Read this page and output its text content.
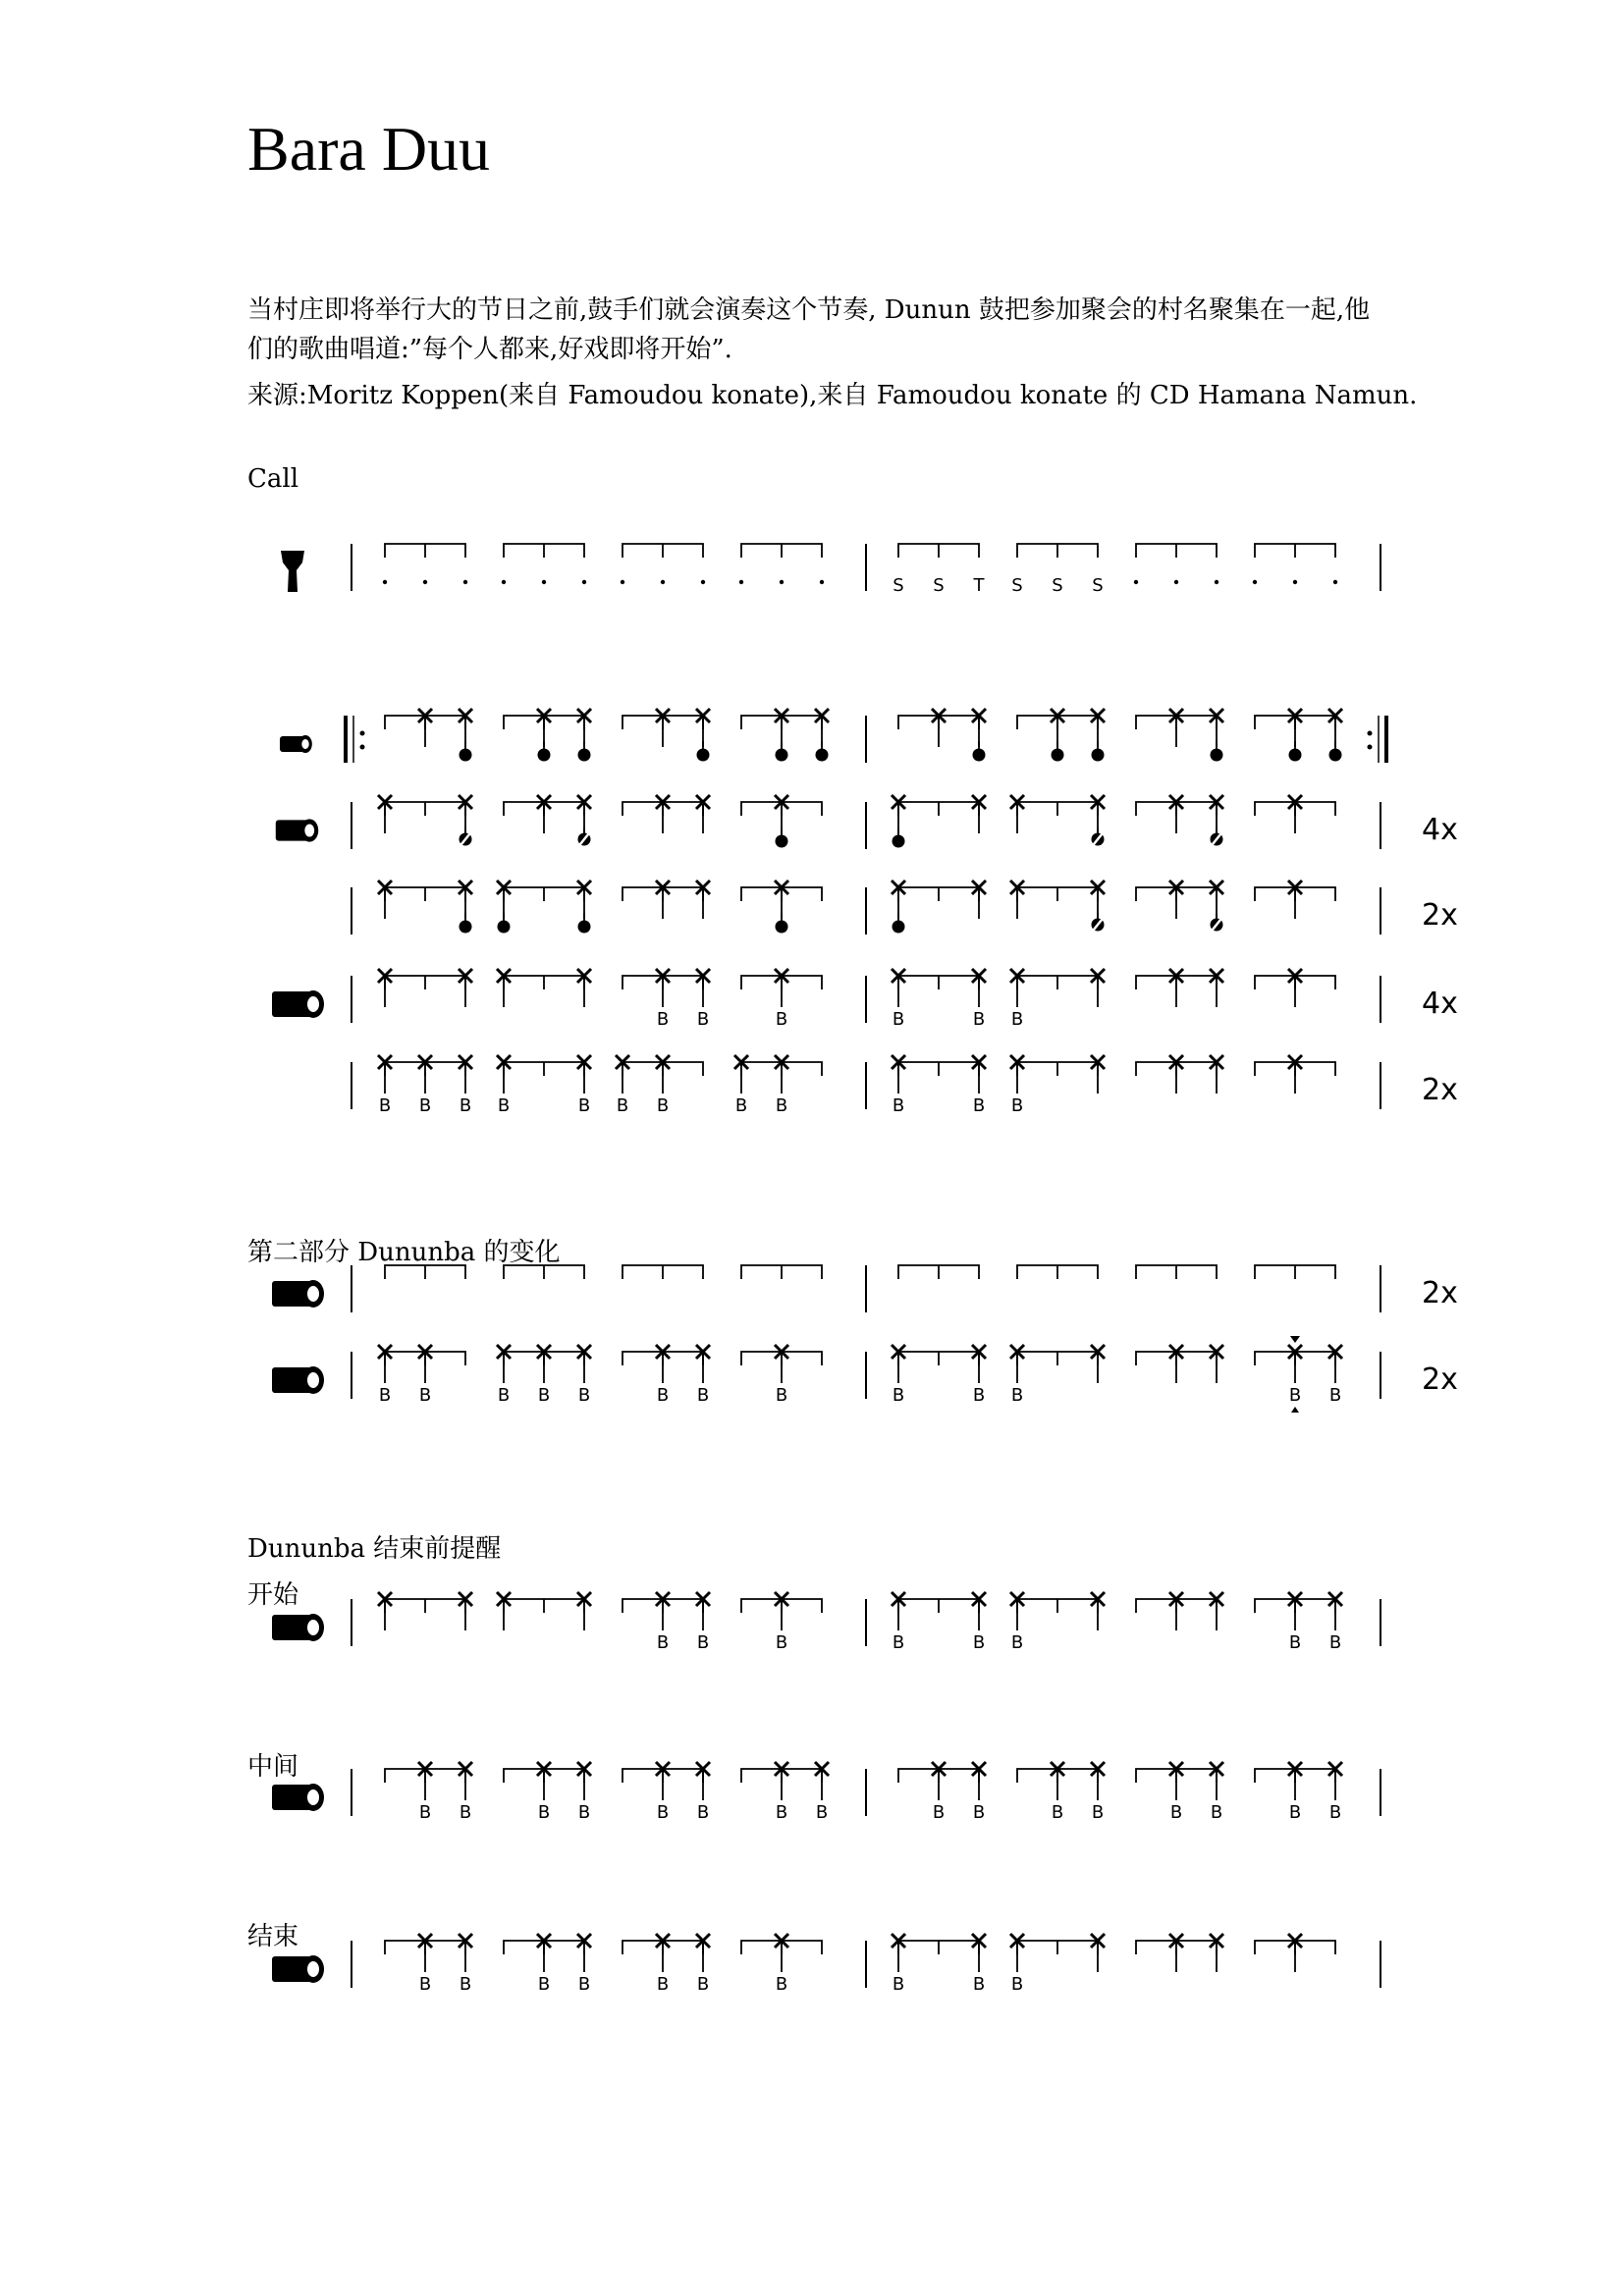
Bara Duu
当村庄即将举行大的节日之前,鼓手们就会演奏这个节奏, Dunun 鼓把参加聚会的村名聚集在一起,他
们的歌曲唱道:”每个人都来,好戏即将开始”.
来源:Moritz Koppen(来自 Famoudou konate),来自 Famoudou konate 的 CD Hamana Namun.
Call
第二部分 Dununba 的变化
Dununba 结束前提醒
开始
中间
结束
S S T S S S
4x
2x
B B	B	B	B B	4x
B B B B	B B B	B B	B	B B	2x
2x
B B	B B B	B B	B	B	B B	B B	2x
B B	B	B	B B	B B
B B	B B	B B	B B	B B	B B	B B	B B
B B	B B	B B	B	B	B B
